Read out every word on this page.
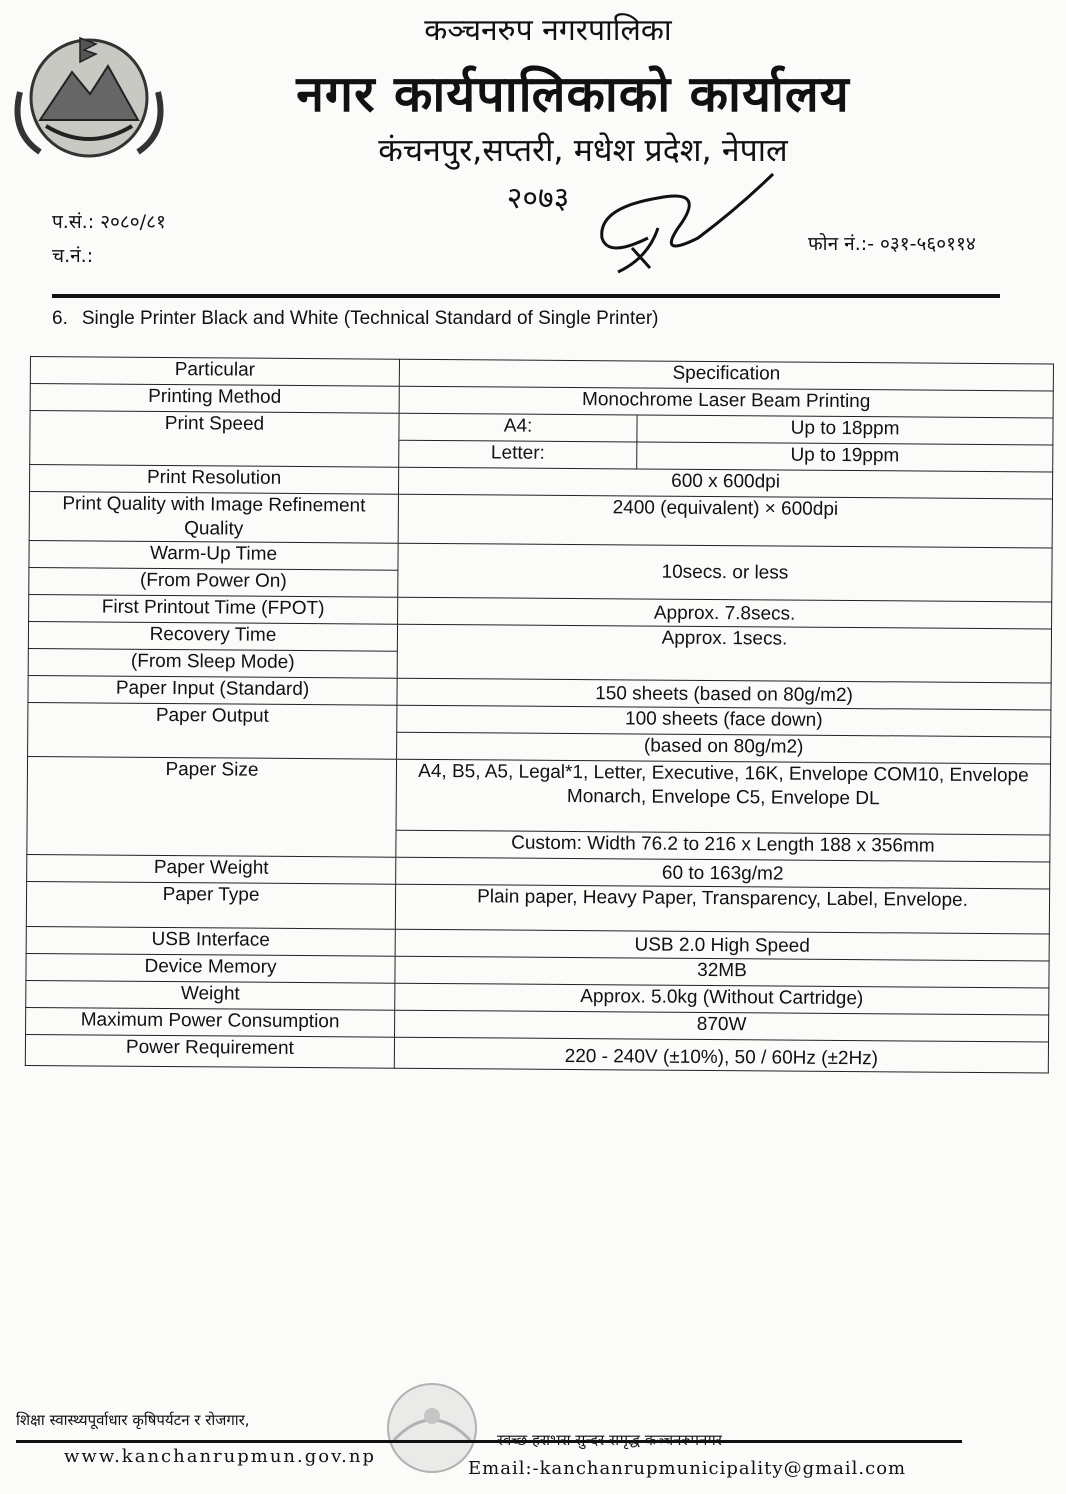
कञ्चनरुप नगरपालिका
नगर कार्यपालिकाको कार्यालय
कंचनपुर,सप्तरी, मधेश प्रदेश, नेपाल
२०७३
प.सं.: २०८०/८१
च.नं.:
फोन नं.:- ०३१-५६०११४
6. Single Printer Black and White (Technical Standard of Single Printer)
Particular	Specification	
Printing Method	Monochrome Laser Beam Printing	
Print Speed	A4:	Up to 18ppm
	Letter:	Up to 19ppm
Print Resolution	600 x 600dpi	
Print Quality with Image Refinement Quality	2400 (equivalent) × 600dpi	
Warm-Up Time	10secs. or less	
(From Power On)		
First Printout Time (FPOT)	Approx. 7.8secs.	
Recovery Time	Approx. 1secs.	
(From Sleep Mode)		
Paper Input (Standard)	150 sheets (based on 80g/m2)	
Paper Output	100 sheets (face down)	
	(based on 80g/m2)	
Paper Size	A4, B5, A5, Legal*1, Letter, Executive, 16K, Envelope COM10, Envelope Monarch, Envelope C5, Envelope DL	
	Custom: Width 76.2 to 216 x Length 188 x 356mm	
Paper Weight	60 to 163g/m2	
Paper Type	Plain paper, Heavy Paper, Transparency, Label, Envelope.	
USB Interface	USB 2.0 High Speed	
Device Memory	32MB	
Weight	Approx. 5.0kg (Without Cartridge)	
Maximum Power Consumption	870W	
Power Requirement	220 - 240V (±10%), 50 / 60Hz (±2Hz)	
शिक्षा स्वास्थ्यपूर्वाधार कृषिपर्यटन र रोजगार,
www.kanchanrupmun.gov.np
Email:-kanchanrupmunicipality@gmail.com
